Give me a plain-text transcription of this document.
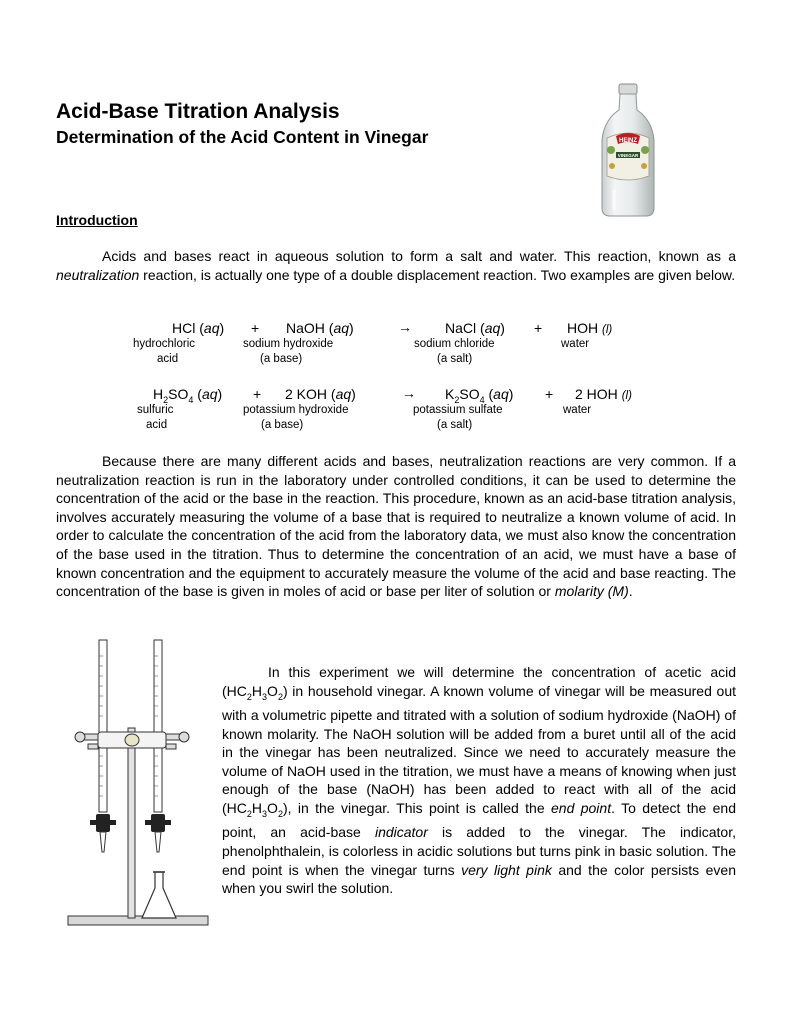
Acid-Base Titration Analysis
Determination of the Acid Content in Vinegar	HEINZ
VINEGAR
Introduction

Acids and bases react in aqueous solution to form a salt and water. This reaction, known as a neutralization reaction, is actually one type of a double displacement reaction. Two examples are given below.

HCl (aq) + NaOH (aq)	→ NaCl (aq) + HOH (l)
hydrochloric	sodium hydroxide	sodium chloride	water
acid	(a base)	(a salt)
$H_2SO_4$ (aq) + 2 KOH (aq)	→ $K_2SO_4$ (aq) + 2 HOH (l)
sulfuric	potassium hydroxide	potassium sulfate	water
acid	(a base)	(a salt)

Because there are many different acids and bases, neutralization reactions are very common. If a neutralization reaction is run in the laboratory under controlled conditions, it can be used to determine the concentration of the acid or the base in the reaction. This procedure, known as an acid-base titration analysis, involves accurately measuring the volume of a base that is required to neutralize a known volume of acid. In order to calculate the concentration of the acid from the laboratory data, we must also know the concentration of the base used in the titration. Thus to determine the concentration of an acid, we must have a base of known concentration and the equipment to accurately measure the volume of the acid and base reacting. The concentration of the base is given in moles of acid or base per liter of solution or molarity (M).

In this experiment we will determine the concentration of acetic acid $(HC_2H_3O_2)$ in household vinegar. A known volume of vinegar will be measured out with a volumetric pipette and titrated with a solution of sodium hydroxide (NaOH) of known molarity. The NaOH solution will be added from a buret until all of the acid in the vinegar has been neutralized. Since we need to accurately measure the volume of NaOH used in the titration, we must have a means of knowing when just enough of the base (NaOH) has been added to react with all of the acid $(HC_2H_3O_2)$, in the vinegar. This point is called the end point. To detect the end point, an acid-base indicator is added to the vinegar. The indicator, phenolphthalein, is colorless in acidic solutions but turns pink in basic solution. The end point is when the vinegar turns very light pink and the color persists even when you swirl the solution.
